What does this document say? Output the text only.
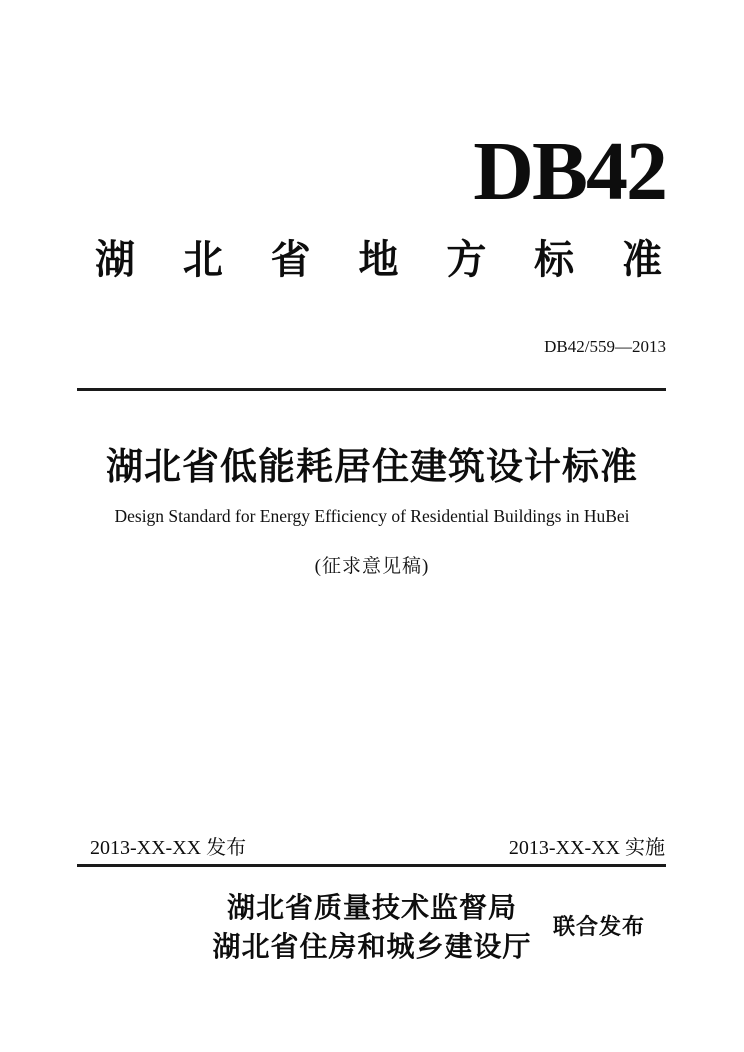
DB42
湖 北 省 地 方 标 准
DB42/559—2013
湖北省低能耗居住建筑设计标准
Design Standard for Energy Efficiency of Residential Buildings in HuBei
(征求意见稿)
2013-XX-XX 发布	2013-XX-XX 实施
湖北省质量技术监督局
湖北省住房和城乡建设厅
联合发布
